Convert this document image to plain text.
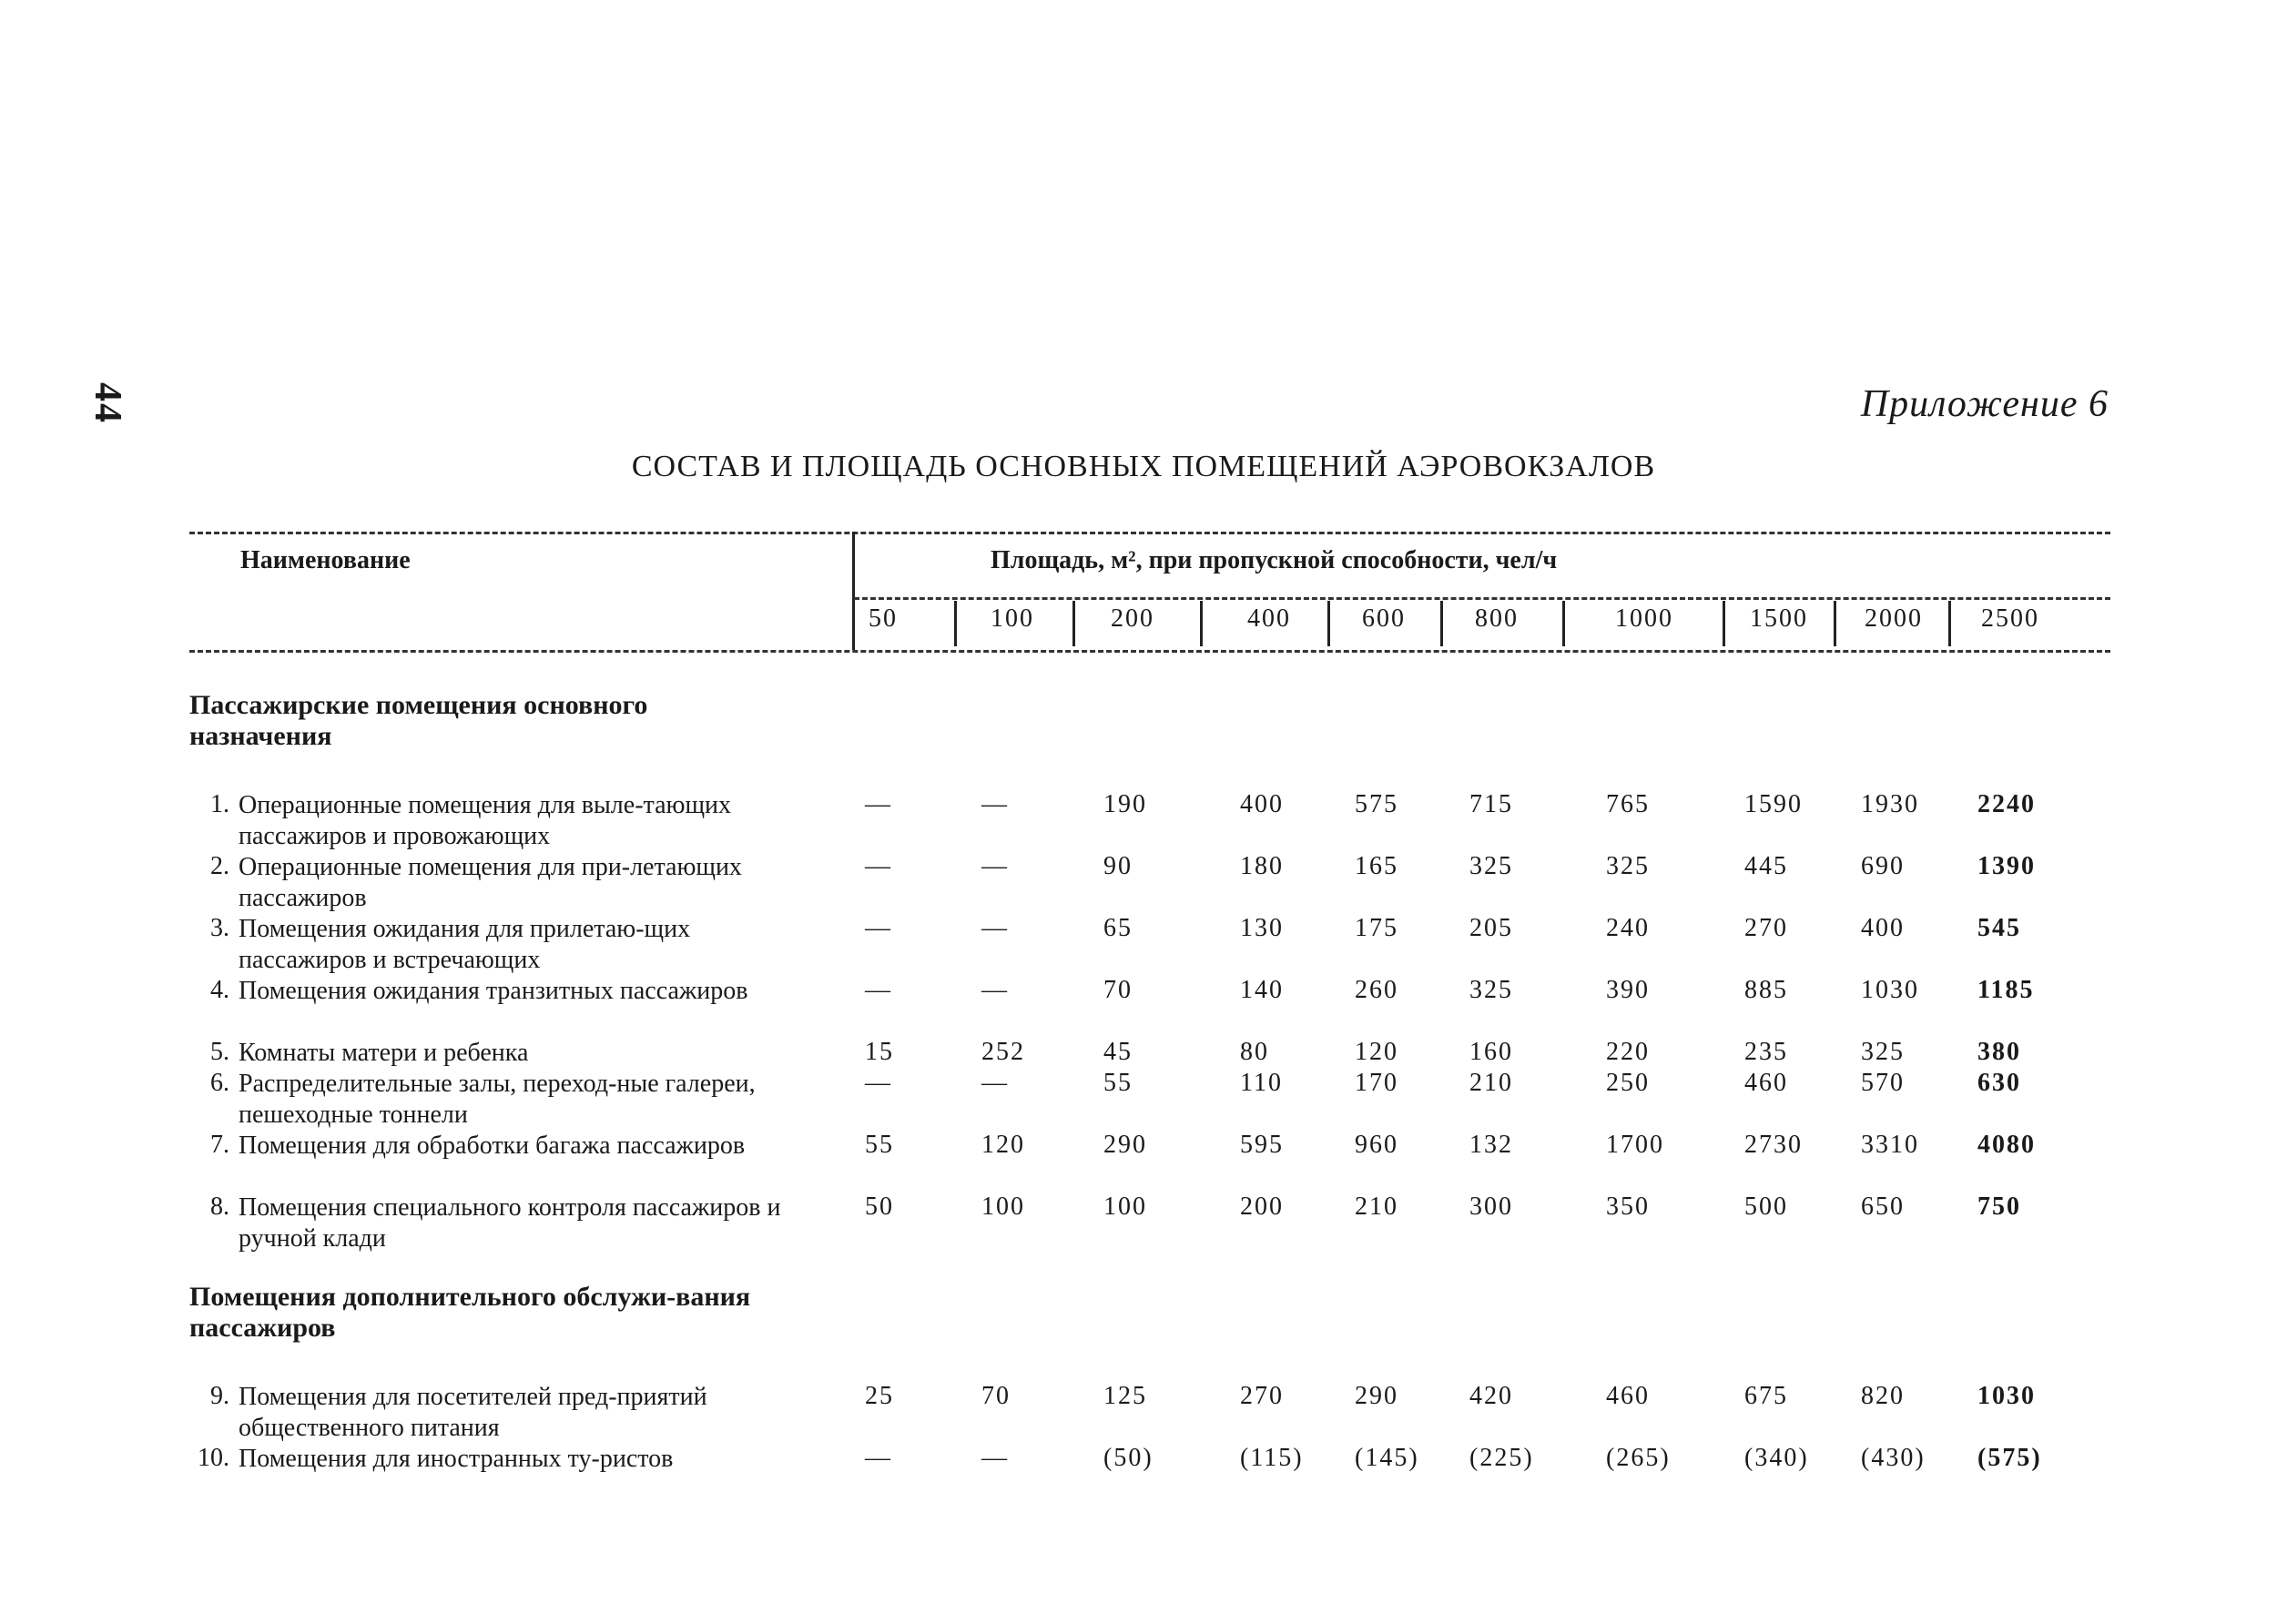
44	Приложение 6
СОСТАВ И ПЛОЩАДЬ ОСНОВНЫХ ПОМЕЩЕНИЙ АЭРОВОКЗАЛОВ
Наименование	Площадь, м², при пропускной способности, чел/ч
50	100	200	400	600	800	1000	1500 2000 2500
Пассажирские помещения основного назначения
1. Операционные помещения для выле-тающих пассажиров и провожающих
—	—	190	400	575	715	765	1590 1930 2240
2. Операционные помещения для при-летающих пассажиров
—	—	90	180	165	325	325	445	690	1390
3. Помещения ожидания для прилетаю-щих пассажиров и встречающих
—	—	65	130	175	205	240	270	400	545
4. Помещения ожидания транзитных пассажиров	—	—	70	140	260	325	390	885	1030 1185
5. Комнаты матери и ребенка	15	252	45	80	120	160	220	235	325	380
6. Распределительные залы, переход-ные галереи, пешеходные тоннели
—	—	55	110	170	210	250	460	570	630
7. Помещения для обработки багажа пассажиров	55	120	290	595	960	132	1700	2730 3310 4080
8. Помещения специального контроля пассажиров и ручной клади
50	100	100	200	210	300	350	500	650	750
Помещения дополнительного обслужи-вания пассажиров
9. Помещения для посетителей пред-приятий общественного питания
25	70	125	270	290	420	460	675	820	1030
10. Помещения для иностранных ту-ристов	—	—	(50)	(115) (145) (225)	(265)	(340) (430) (575)
